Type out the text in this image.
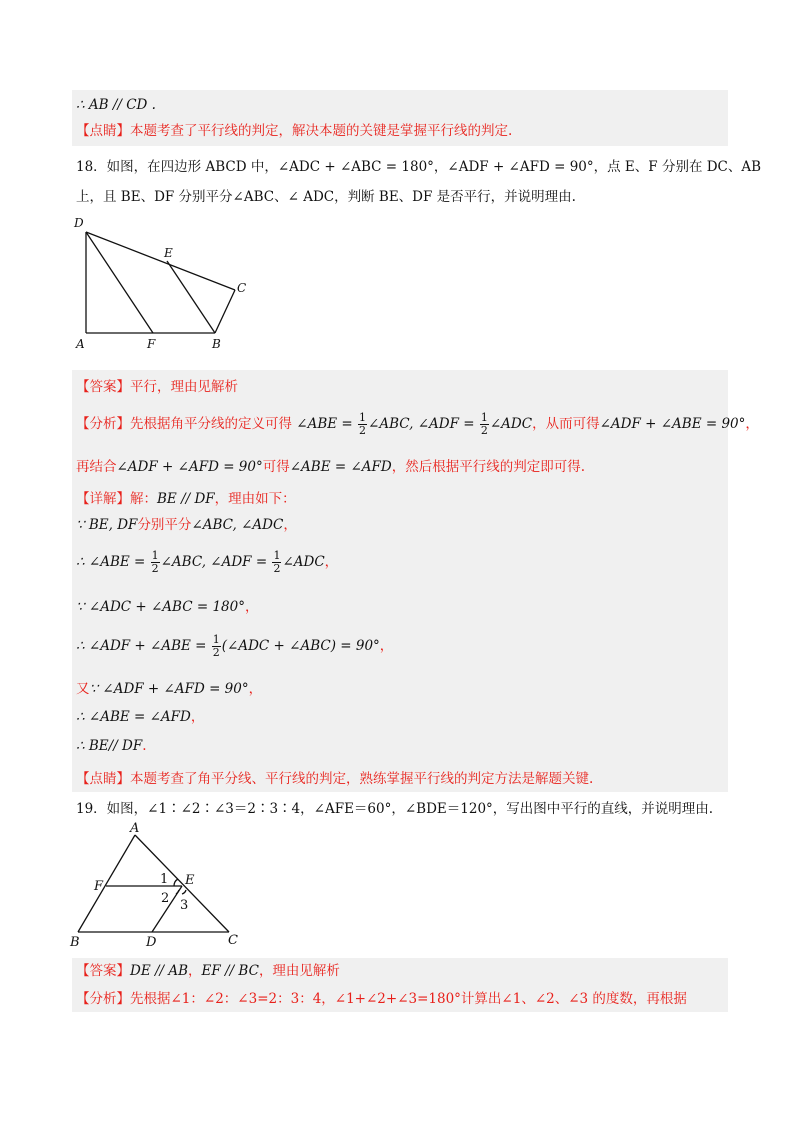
∴ AB // CD .
【点睛】本题考查了平行线的判定，解决本题的关键是掌握平行线的判定.
18．如图，在四边形 ABCD 中，∠ADC + ∠ABC = 180°，∠ADF + ∠AFD = 90°，点 E、F 分别在 DC、AB
上，且 BE、DF 分别平分∠ABC、∠ ADC，判断 BE、DF 是否平行，并说明理由.
D
E
C
A	F	B
【答案】平行，理由见解析
【分析】先根据角平分线的定义可得 ∠ABE = $\frac{1}{2}$ ∠ABC, ∠ADF = $\frac{1}{2}$ ∠ADC，从而可得∠ADF + ∠ABE = 90°，
再结合∠ADF + ∠AFD = 90°可得∠ABE = ∠AFD，然后根据平行线的判定即可得.
【详解】解：BE // DF，理由如下：
∵ BE, DF分别平分∠ABC, ∠ADC，
∴ ∠ABE = $\frac{1}{2}$ ∠ABC, ∠ADF = $\frac{1}{2}$ ∠ADC，
∵ ∠ADC + ∠ABC = 180°，
∴ ∠ADF + ∠ABE = $\frac{1}{2}$ (∠ADC + ∠ABC) = 90°，
又∵ ∠ADF + ∠AFD = 90°，
∴ ∠ABE = ∠AFD，
∴ BE// DF.
【点睛】本题考查了角平分线、平行线的判定，熟练掌握平行线的判定方法是解题关键.
19．如图，∠1∶∠2∶∠3＝2∶3∶4，∠AFE＝60°，∠BDE＝120°，写出图中平行的直线，并说明理由.
A
F	E
B	D	C
1
2 3
【答案】DE // AB，EF // BC，理由见解析
【分析】先根据∠1：∠2：∠3=2：3：4，∠1+∠2+∠3=180°计算出∠1、∠2、∠3 的度数，再根据
